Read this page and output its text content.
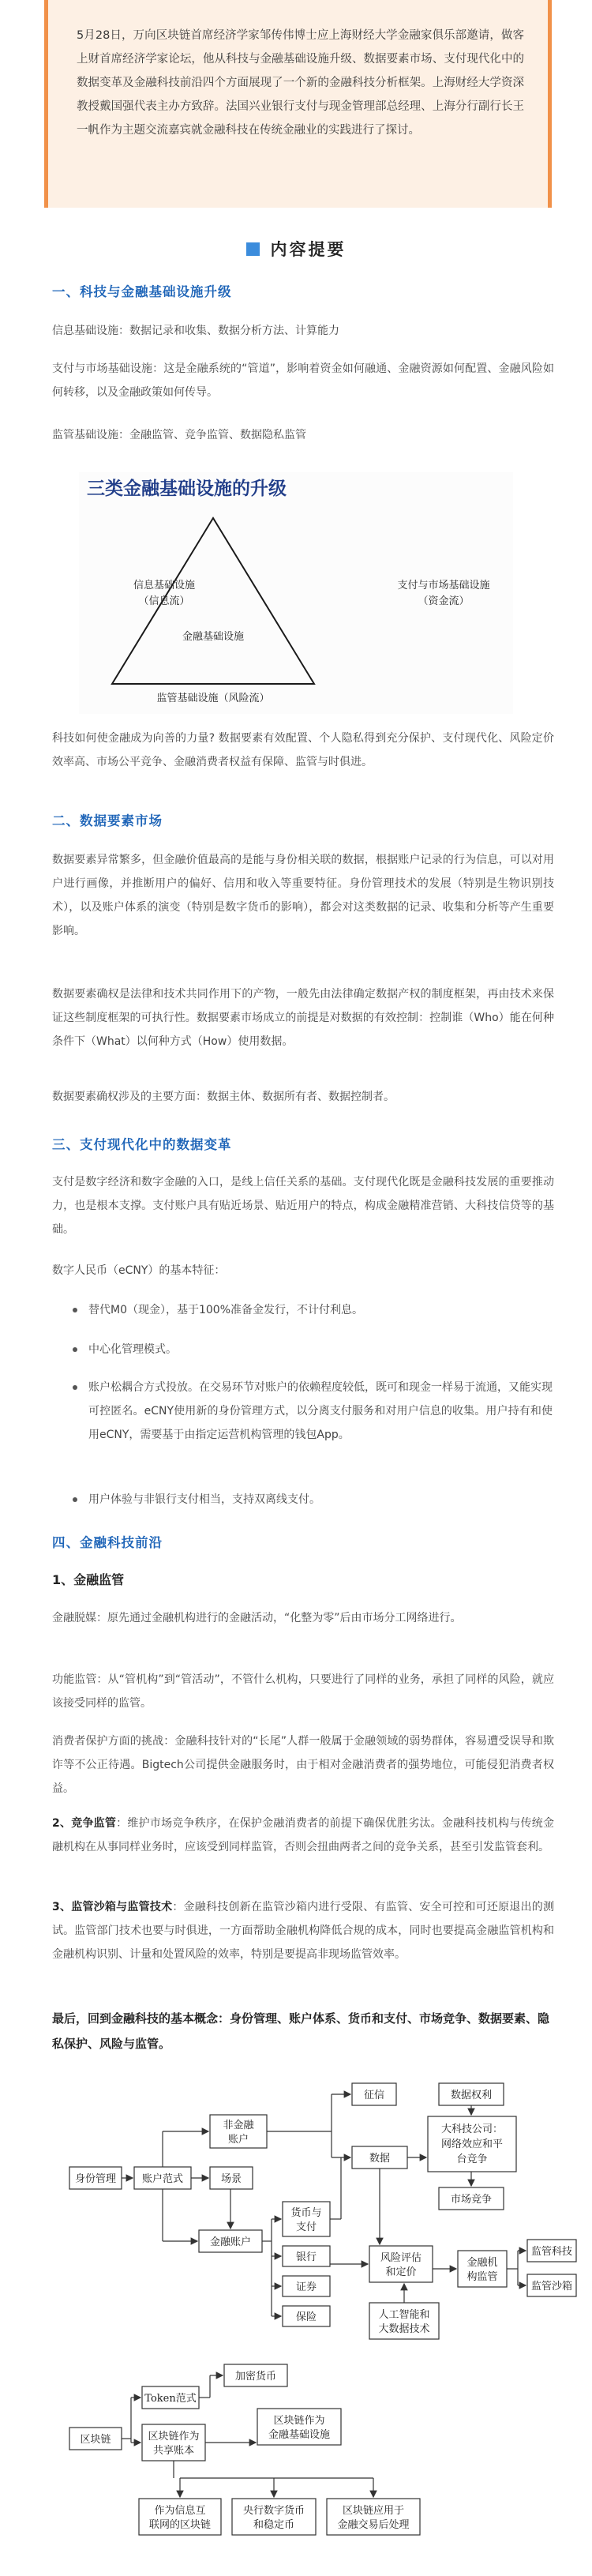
5月28日，万向区块链首席经济学家邹传伟博士应上海财经大学金融家俱乐部邀请，做客上财首席经济学家论坛，他从科技与金融基础设施升级、数据要素市场、支付现代化中的数据变革及金融科技前沿四个方面展现了一个新的金融科技分析框架。上海财经大学资深教授戴国强代表主办方致辞。法国兴业银行支付与现金管理部总经理、上海分行副行长王一帆作为主题交流嘉宾就金融科技在传统金融业的实践进行了探讨。

内容提要
一、科技与金融基础设施升级

信息基础设施：数据记录和收集、数据分析方法、计算能力

支付与市场基础设施：这是金融系统的“管道”，影响着资金如何融通、金融资源如何配置、金融风险如何转移，以及金融政策如何传导。

监管基础设施：金融监管、竞争监管、数据隐私监管

三类金融基础设施的升级
信息基础设施
（信息流）
支付与市场基础设施
（资金流）
金融基础设施
监管基础设施（风险流）

科技如何使金融成为向善的力量? 数据要素有效配置、个人隐私得到充分保护、支付现代化、风险定价效率高、市场公平竞争、金融消费者权益有保障、监管与时俱进。

二、数据要素市场

数据要素异常繁多，但金融价值最高的是能与身份相关联的数据，根据账户记录的行为信息，可以对用户进行画像，并推断用户的偏好、信用和收入等重要特征。身份管理技术的发展（特别是生物识别技术），以及账户体系的演变（特别是数字货币的影响），都会对这类数据的记录、收集和分析等产生重要影响。

数据要素确权是法律和技术共同作用下的产物，一般先由法律确定数据产权的制度框架，再由技术来保证这些制度框架的可执行性。数据要素市场成立的前提是对数据的有效控制：控制谁（Who）能在何种条件下（What）以何种方式（How）使用数据。

数据要素确权涉及的主要方面：数据主体、数据所有者、数据控制者。

三、支付现代化中的数据变革

支付是数字经济和数字金融的入口，是线上信任关系的基础。支付现代化既是金融科技发展的重要推动力，也是根本支撑。支付账户具有贴近场景、贴近用户的特点，构成金融精准营销、大科技信贷等的基础。

数字人民币（eCNY）的基本特征：

替代M0（现金），基于100%准备金发行，不计付利息。
中心化管理模式。
账户松耦合方式投放。在交易环节对账户的依赖程度较低，既可和现金一样易于流通，又能实现可控匿名。eCNY使用新的身份管理方式，以分离支付服务和对用户信息的收集。用户持有和使用eCNY，需要基于由指定运营机构管理的钱包App。
用户体验与非银行支付相当，支持双离线支付。
四、金融科技前沿
1、金融监管

金融脱媒：原先通过金融机构进行的金融活动，“化整为零”后由市场分工网络进行。

功能监管：从“管机构”到“管活动”，不管什么机构，只要进行了同样的业务，承担了同样的风险，就应该接受同样的监管。

消费者保护方面的挑战：金融科技针对的“长尾”人群一般属于金融领域的弱势群体，容易遭受误导和欺诈等不公正待遇。Bigtech公司提供金融服务时，由于相对金融消费者的强势地位，可能侵犯消费者权益。

2、竞争监管：维护市场竞争秩序，在保护金融消费者的前提下确保优胜劣汰。金融科技机构与传统金融机构在从事同样业务时，应该受到同样监管，否则会扭曲两者之间的竞争关系，甚至引发监管套利。

3、监管沙箱与监管技术：金融科技创新在监管沙箱内进行受限、有监管、安全可控和可还原退出的测试。监管部门技术也要与时俱进，一方面帮助金融机构降低合规的成本，同时也要提高金融监管机构和金融机构识别、计量和处置风险的效率，特别是要提高非现场监管效率。

最后，回到金融科技的基本概念：身份管理、账户体系、货币和支付、市场竞争、数据要素、隐私保护、风险与监管。

身份管理	账户范式
非金融
账户
场景
金融账户
货币与
支付
银行
证券
保险
征信
数据
数据权利
大科技公司：
网络效应和平
台竞争
市场竞争
风险评估
和定价
人工智能和
大数据技术
金融机
构监管
监管科技
监管沙箱
区块链
Token范式
区块链作为
共享账本
加密货币
区块链作为
金融基础设施
作为信息互
联网的区块链
央行数字货币
和稳定币
区块链应用于
金融交易后处理
